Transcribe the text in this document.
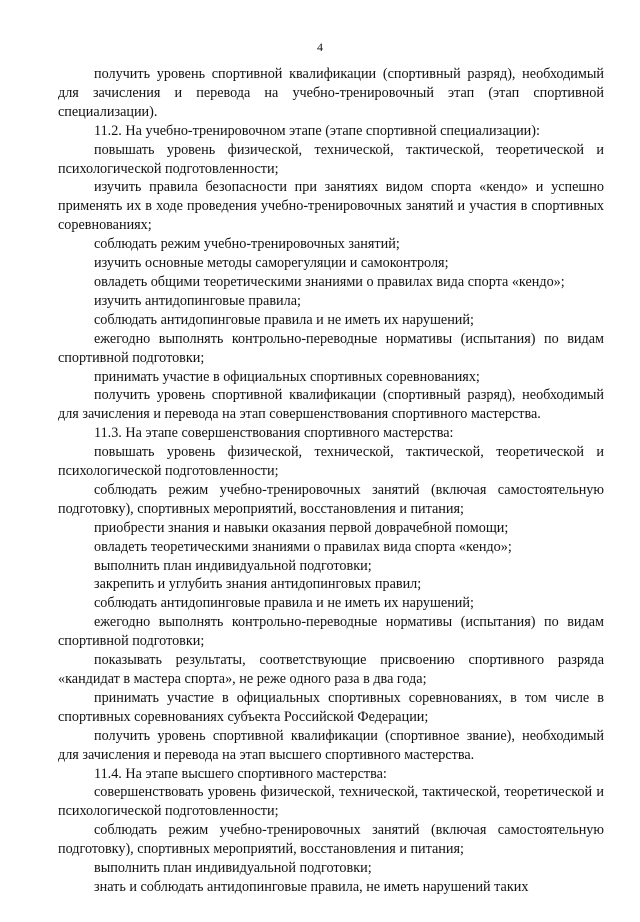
4

получить уровень спортивной квалификации (спортивный разряд), необходимый для зачисления и перевода на учебно-тренировочный этап (этап спортивной специализации).

11.2. На учебно-тренировочном этапе (этапе спортивной специализации):

повышать уровень физической, технической, тактической, теоретической и психологической подготовленности;

изучить правила безопасности при занятиях видом спорта «кендо» и успешно применять их в ходе проведения учебно-тренировочных занятий и участия в спортивных соревнованиях;

соблюдать режим учебно-тренировочных занятий;

изучить основные методы саморегуляции и самоконтроля;

овладеть общими теоретическими знаниями о правилах вида спорта «кендо»;

изучить антидопинговые правила;

соблюдать антидопинговые правила и не иметь их нарушений;

ежегодно выполнять контрольно-переводные нормативы (испытания) по видам спортивной подготовки;

принимать участие в официальных спортивных соревнованиях;

получить уровень спортивной квалификации (спортивный разряд), необходимый для зачисления и перевода на этап совершенствования спортивного мастерства.

11.3. На этапе совершенствования спортивного мастерства:

повышать уровень физической, технической, тактической, теоретической и психологической подготовленности;

соблюдать режим учебно-тренировочных занятий (включая самостоятельную подготовку), спортивных мероприятий, восстановления и питания;

приобрести знания и навыки оказания первой доврачебной помощи;

овладеть теоретическими знаниями о правилах вида спорта «кендо»;

выполнить план индивидуальной подготовки;

закрепить и углубить знания антидопинговых правил;

соблюдать антидопинговые правила и не иметь их нарушений;

ежегодно выполнять контрольно-переводные нормативы (испытания) по видам спортивной подготовки;

показывать результаты, соответствующие присвоению спортивного разряда «кандидат в мастера спорта», не реже одного раза в два года;

принимать участие в официальных спортивных соревнованиях, в том числе в спортивных соревнованиях субъекта Российской Федерации;

получить уровень спортивной квалификации (спортивное звание), необходимый для зачисления и перевода на этап высшего спортивного мастерства.

11.4. На этапе высшего спортивного мастерства:

совершенствовать уровень физической, технической, тактической, теоретической и психологической подготовленности;

соблюдать режим учебно-тренировочных занятий (включая самостоятельную подготовку), спортивных мероприятий, восстановления и питания;

выполнить план индивидуальной подготовки;

знать и соблюдать антидопинговые правила, не иметь нарушений таких
